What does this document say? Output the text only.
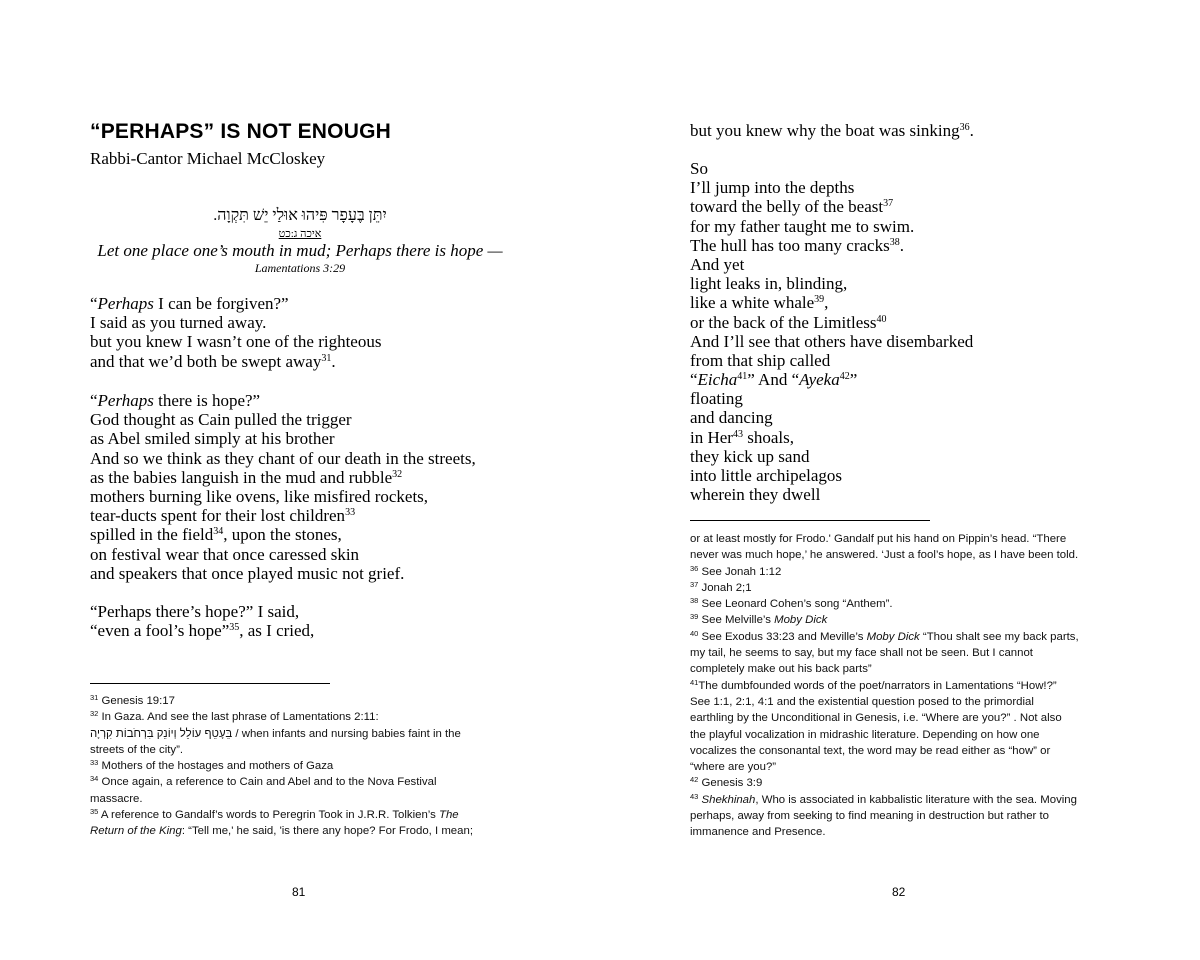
“PERHAPS” IS NOT ENOUGH
Rabbi-Cantor Michael McCloskey
יִתֵּן בֶּעָפָר פִּיהוּ אוּלַי יֵשׁ תִּקְוָה.
איכה ג:כט
Let one place one’s mouth in mud; Perhaps there is hope —
Lamentations 3:29
“Perhaps I can be forgiven?”
I said as you turned away.
but you knew I wasn’t one of the righteous
and that we’d both be swept away$^{31}$.
“Perhaps there is hope?”
God thought as Cain pulled the trigger
as Abel smiled simply at his brother
And so we think as they chant of our death in the streets,
as the babies languish in the mud and rubble$^{32}$
mothers burning like ovens, like misfired rockets,
tear-ducts spent for their lost children$^{33}$
spilled in the field$^{34}$, upon the stones,
on festival wear that once caressed skin
and speakers that once played music not grief.
“Perhaps there’s hope?” I said,
“even a fool’s hope”$^{35}$, as I cried,
$^{31}$ Genesis 19:17
$^{32}$ In Gaza. And see the last phrase of Lamentations 2:11:
בֵּעָטֵף עוֹלֵל וְיוֹנֵק בִּרְחֹבוֹת קִרְיָה / when infants and nursing babies faint in the
streets of the city”.
$^{33}$ Mothers of the hostages and mothers of Gaza
$^{34}$ Once again, a reference to Cain and Abel and to the Nova Festival
massacre.
$^{35}$ A reference to Gandalf’s words to Peregrin Took in J.R.R. Tolkien’s The
Return of the King: “Tell me,' he said, 'is there any hope? For Frodo, I mean;
81
but you knew why the boat was sinking$^{36}$.
So
I’ll jump into the depths
toward the belly of the beast$^{37}$
for my father taught me to swim.
The hull has too many cracks$^{38}$.
And yet
light leaks in, blinding,
like a white whale$^{39}$,
or the back of the Limitless$^{40}$
And I’ll see that others have disembarked
from that ship called
“Eicha$^{41}$” And “Ayeka$^{42}$”
floating
and dancing
in Her$^{43}$ shoals,
they kick up sand
into little archipelagos
wherein they dwell
or at least mostly for Frodo.' Gandalf put his hand on Pippin’s head. “There
never was much hope,’ he answered. ‘Just a fool’s hope, as I have been told.
$^{36}$ See Jonah 1:12
$^{37}$ Jonah 2;1
$^{38}$ See Leonard Cohen’s song “Anthem”.
$^{39}$ See Melville’s Moby Dick
$^{40}$ See Exodus 33:23 and Meville’s Moby Dick “Thou shalt see my back parts,
my tail, he seems to say, but my face shall not be seen. But I cannot
completely make out his back parts”
$^{41}$The dumbfounded words of the poet/narrators in Lamentations “How!?”
See 1:1, 2:1, 4:1 and the existential question posed to the primordial
earthling by the Unconditional in Genesis, i.e. “Where are you?” . Not also
the playful vocalization in midrashic literature. Depending on how one
vocalizes the consonantal text, the word may be read either as “how” or
“where are you?”
$^{42}$ Genesis 3:9
$^{43}$ Shekhinah, Who is associated in kabbalistic literature with the sea. Moving
perhaps, away from seeking to find meaning in destruction but rather to
immanence and Presence.
82
